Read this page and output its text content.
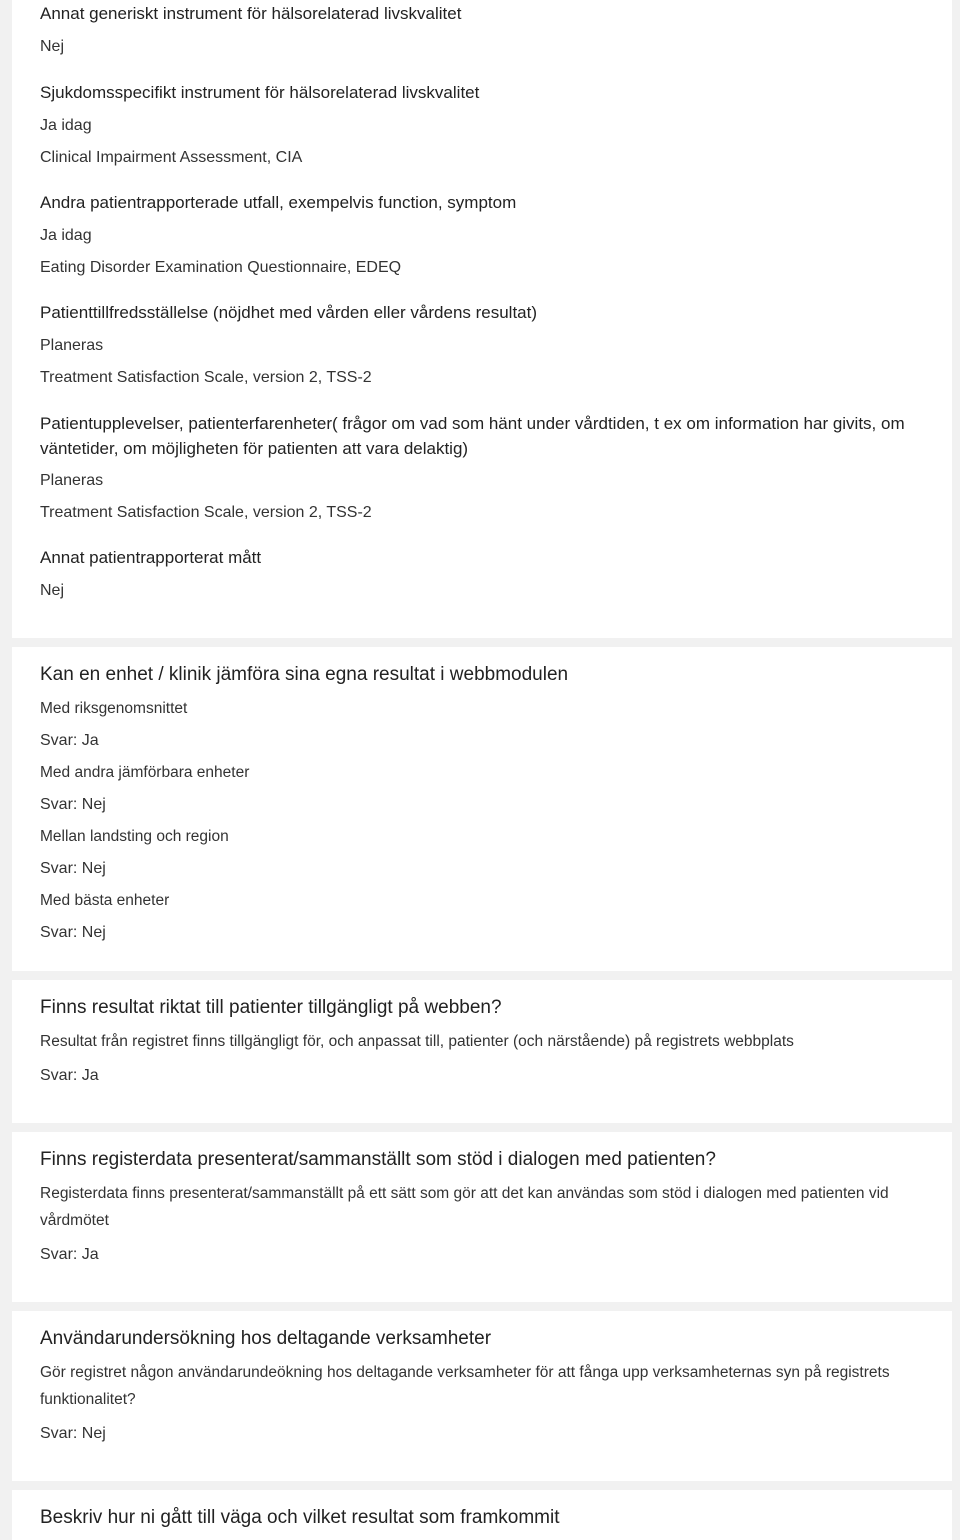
Annat generiskt instrument för hälsorelaterad livskvalitet
Nej
Sjukdomsspecifikt instrument för hälsorelaterad livskvalitet
Ja idag
Clinical Impairment Assessment, CIA
Andra patientrapporterade utfall, exempelvis function, symptom
Ja idag
Eating Disorder Examination Questionnaire, EDEQ
Patienttillfredsställelse (nöjdhet med vården eller vårdens resultat)
Planeras
Treatment Satisfaction Scale, version 2, TSS-2
Patientupplevelser, patienterfarenheter( frågor om vad som hänt under vårdtiden, t ex om information har givits, om väntetider, om möjligheten för patienten att vara delaktig)
Planeras
Treatment Satisfaction Scale, version 2, TSS-2
Annat patientrapporterat mått
Nej
Kan en enhet / klinik jämföra sina egna resultat i webbmodulen
Med riksgenomsnittet
Svar: Ja
Med andra jämförbara enheter
Svar: Nej
Mellan landsting och region
Svar: Nej
Med bästa enheter
Svar: Nej
Finns resultat riktat till patienter tillgängligt på webben?
Resultat från registret finns tillgängligt för, och anpassat till, patienter (och närstående) på registrets webbplats
Svar: Ja
Finns registerdata presenterat/sammanställt som stöd i dialogen med patienten?
Registerdata finns presenterat/sammanställt på ett sätt som gör att det kan användas som stöd i dialogen med patienten vid vårdmötet
Svar: Ja
Användarundersökning hos deltagande verksamheter
Gör registret någon användarundeökning hos deltagande verksamheter för att fånga upp verksamheternas syn på registrets funktionalitet?
Svar: Nej
Beskriv hur ni gått till väga och vilket resultat som framkommit
